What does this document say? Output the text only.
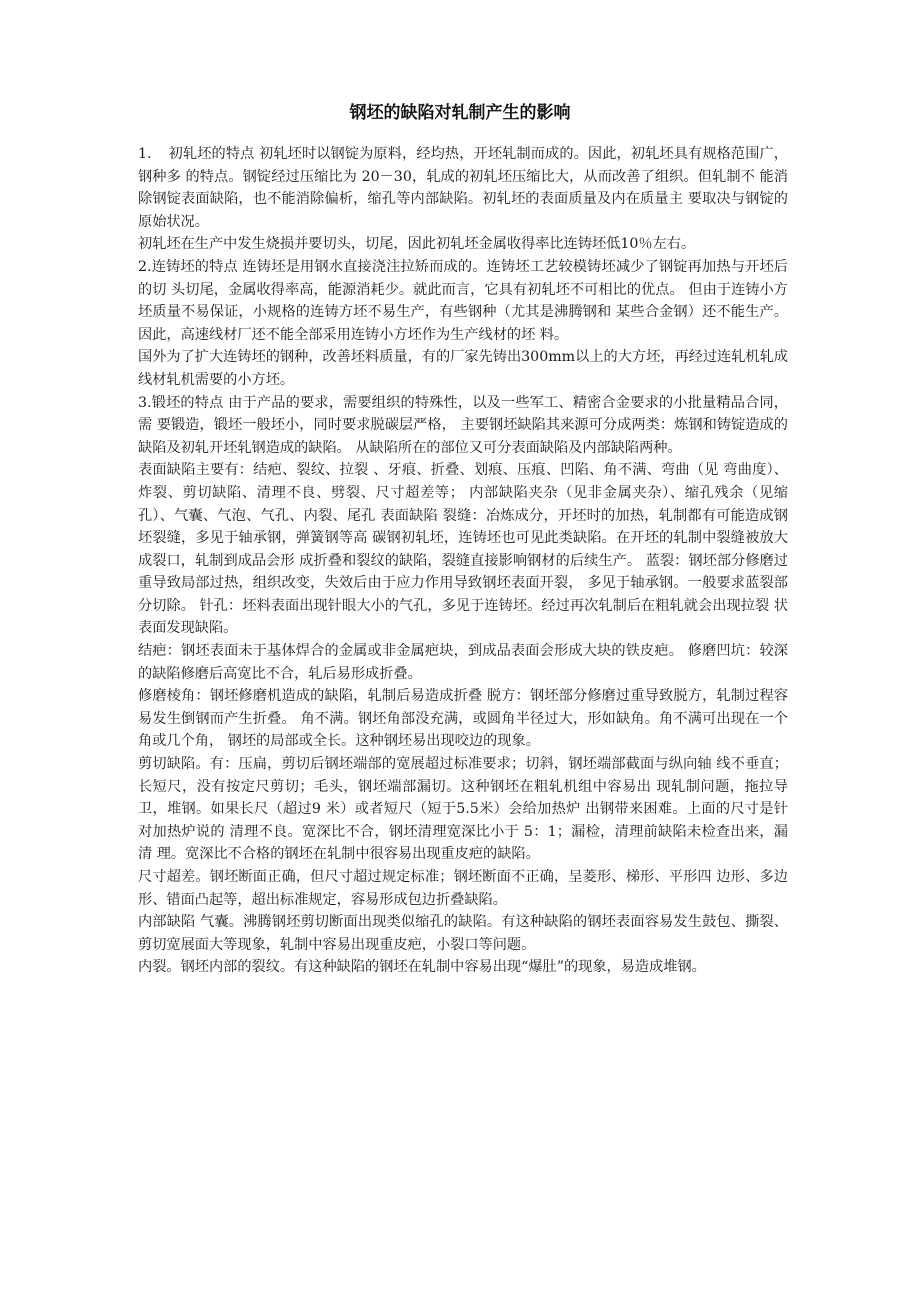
钢坯的缺陷对轧制产生的影响

1．　初轧坯的特点 初轧坯时以钢锭为原料，经均热，开坯轧制而成的。因此，初轧坯具有规格范围广，钢种多 的特点。钢锭经过压缩比为 20－30，轧成的初轧坯压缩比大，从而改善了组织。但轧制不 能消除钢锭表面缺陷，也不能消除偏析，缩孔等内部缺陷。初轧坯的表面质量及内在质量主 要取决与钢锭的原始状况。

初轧坯在生产中发生烧损并要切头，切尾，因此初轧坯金属收得率比连铸坯低10％左右。

2.连铸坯的特点 连铸坯是用钢水直接浇注拉矫而成的。连铸坯工艺较模铸坯减少了钢锭再加热与开坯后的切 头切尾，金属收得率高，能源消耗少。就此而言，它具有初轧坯不可相比的优点。 但由于连铸小方坯质量不易保证，小规格的连铸方坯不易生产，有些钢种（尤其是沸腾钢和 某些合金钢）还不能生产。因此，高速线材厂还不能全部采用连铸小方坯作为生产线材的坯 料。

国外为了扩大连铸坯的钢种，改善坯料质量，有的厂家先铸出300mm以上的大方坯，再经过连轧机轧成线材轧机需要的小方坯。

3.锻坯的特点 由于产品的要求，需要组织的特殊性，以及一些军工、精密合金要求的小批量精品合同，需 要锻造，锻坯一般坯小，同时要求脱碳层严格， 主要钢坯缺陷其来源可分成两类：炼钢和铸锭造成的缺陷及初轧开坯轧钢造成的缺陷。 从缺陷所在的部位又可分表面缺陷及内部缺陷两种。

表面缺陷主要有：结疤、裂纹、拉裂 、牙痕、折叠、划痕、压痕、凹陷、角不满、弯曲（见 弯曲度）、炸裂、剪切缺陷、清理不良、劈裂、尺寸超差等； 内部缺陷夹杂（见非金属夹杂）、缩孔残余（见缩孔）、气囊、气泡、气孔、内裂、尾孔 表面缺陷 裂缝：冶炼成分，开坯时的加热，轧制都有可能造成钢坯裂缝，多见于轴承钢，弹簧钢等高 碳钢初轧坯，连铸坯也可见此类缺陷。在开坯的轧制中裂缝被放大成裂口，轧制到成品会形 成折叠和裂纹的缺陷，裂缝直接影响钢材的后续生产。 蓝裂：钢坯部分修磨过重导致局部过热，组织改变，失效后由于应力作用导致钢坯表面开裂， 多见于轴承钢。一般要求蓝裂部分切除。 针孔：坯料表面出现针眼大小的气孔，多见于连铸坯。经过再次轧制后在粗轧就会出现拉裂 状表面发现缺陷。

结疤：钢坯表面未于基体焊合的金属或非金属疤块，到成品表面会形成大块的铁皮疤。 修磨凹坑：较深的缺陷修磨后高宽比不合，轧后易形成折叠。

修磨棱角：钢坯修磨机造成的缺陷，轧制后易造成折叠 脱方：钢坯部分修磨过重导致脱方，轧制过程容易发生倒钢而产生折叠。 角不满。钢坯角部没充满，或圆角半径过大，形如缺角。角不满可出现在一个角或几个角， 钢坯的局部或全长。这种钢坯易出现咬边的现象。

剪切缺陷。有：压扁，剪切后钢坯端部的宽展超过标准要求；切斜，钢坯端部截面与纵向轴 线不垂直；长短尺，没有按定尺剪切；毛头，钢坯端部漏切。这种钢坯在粗轧机组中容易出 现轧制问题，拖拉导卫，堆钢。如果长尺（超过9 米）或者短尺（短于5.5米）会给加热炉 出钢带来困难。上面的尺寸是针对加热炉说的 清理不良。宽深比不合，钢坯清理宽深比小于 5：1；漏检，清理前缺陷未检查出来，漏清 理。宽深比不合格的钢坯在轧制中很容易出现重皮疤的缺陷。

尺寸超差。钢坯断面正确，但尺寸超过规定标准；钢坯断面不正确，呈菱形、梯形、平形四 边形、多边形、错面凸起等，超出标准规定，容易形成包边折叠缺陷。

内部缺陷 气囊。沸腾钢坯剪切断面出现类似缩孔的缺陷。有这种缺陷的钢坯表面容易发生鼓包、撕裂、 剪切宽展面大等现象，轧制中容易出现重皮疤，小裂口等问题。

内裂。钢坯内部的裂纹。有这种缺陷的钢坯在轧制中容易出现“爆肚”的现象，易造成堆钢。
